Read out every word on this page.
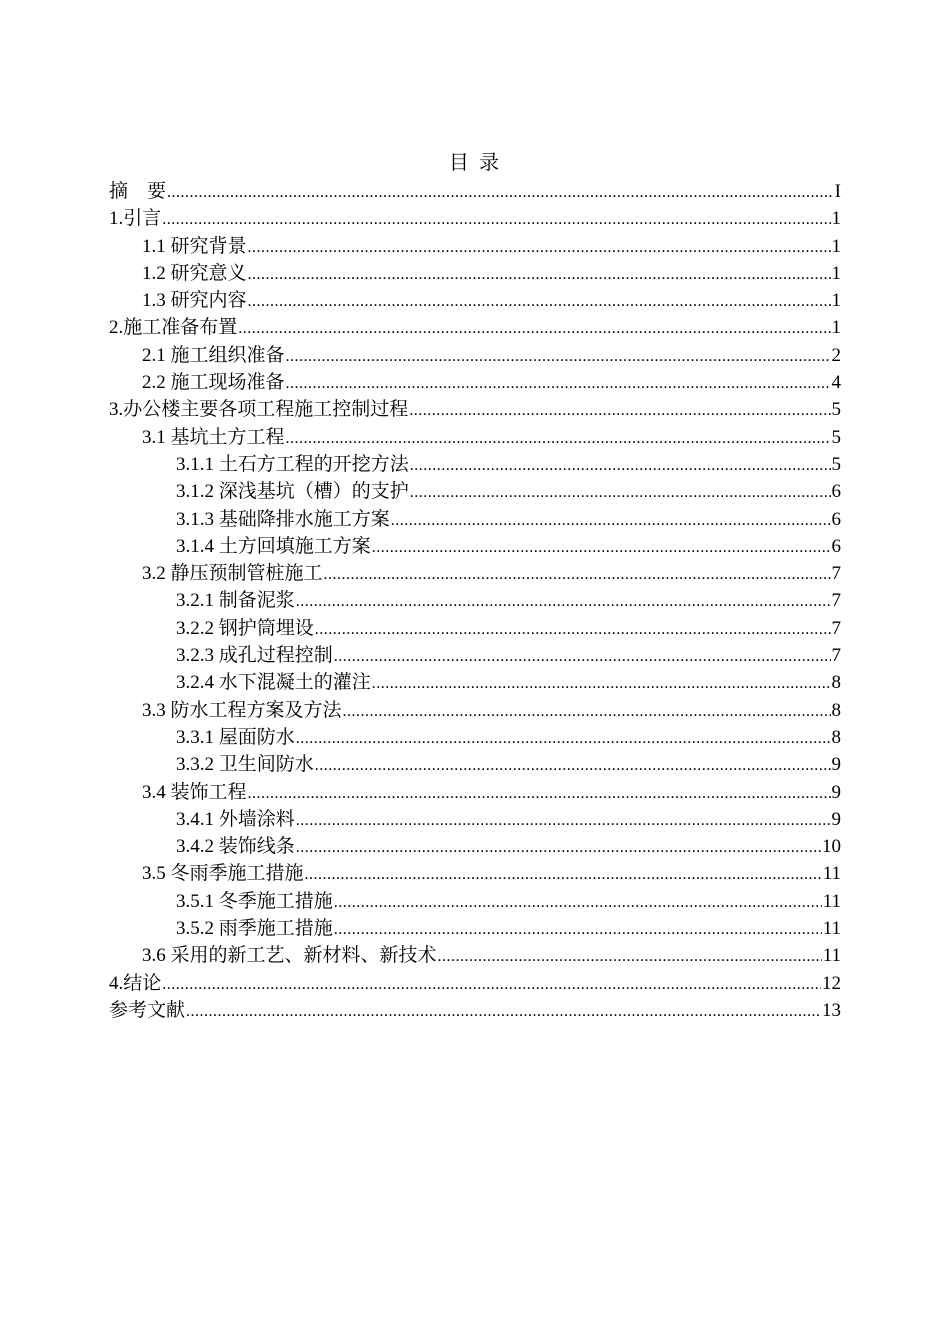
目 录
摘　要 .....	I
1.引言 .....	1
1.1 研究背景 .....	1
1.2 研究意义 .....	1
1.3 研究内容 .....	1
2.施工准备布置 .....	1
2.1 施工组织准备 .....	2
2.2 施工现场准备 .....	4
3.办公楼主要各项工程施工控制过程 .....	5
3.1 基坑土方工程 .....	5
3.1.1 土石方工程的开挖方法 .....	5
3.1.2 深浅基坑（槽）的支护 .....	6
3.1.3 基础降排水施工方案 .....	6
3.1.4 土方回填施工方案 .....	6
3.2 静压预制管桩施工 .....	7
3.2.1 制备泥浆 .....	7
3.2.2 钢护筒埋设 .....	7
3.2.3 成孔过程控制 .....	7
3.2.4 水下混凝土的灌注 .....	8
3.3 防水工程方案及方法 .....	8
3.3.1 屋面防水 .....	8
3.3.2 卫生间防水 .....	9
3.4 装饰工程 .....	9
3.4.1 外墙涂料 .....	9
3.4.2 装饰线条 .....	10
3.5 冬雨季施工措施 .....	11
3.5.1 冬季施工措施 .....	11
3.5.2 雨季施工措施 .....	11
3.6 采用的新工艺、新材料、新技术 .....	11
4.结论 .....	12
参考文献 .....	13
